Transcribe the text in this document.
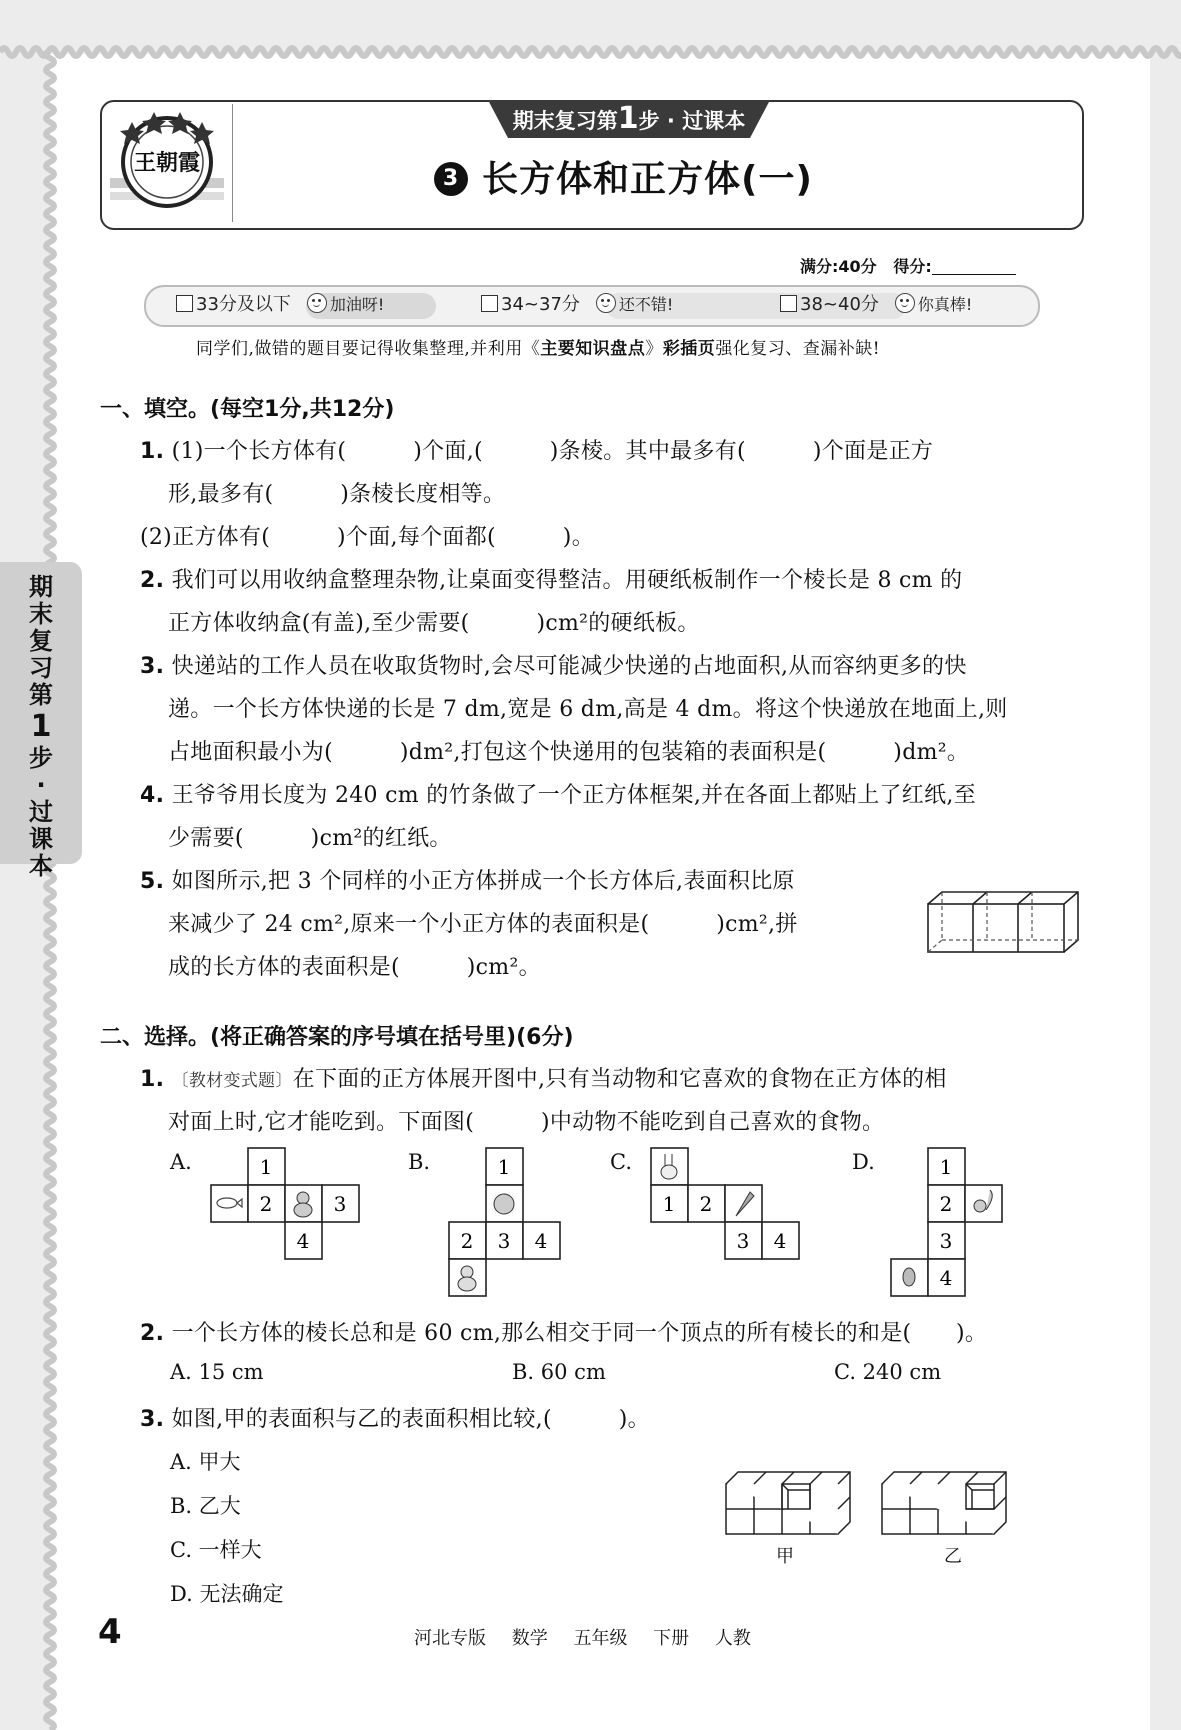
王朝霞
期末复习第1步 · 过课本
3 长方体和正方体(一)
满分:40分 得分:
33分及以下 加油呀!	34~37分 还不错!	38~40分 你真棒!
同学们,做错的题目要记得收集整理,并利用《主要知识盘点》彩插页强化复习、查漏补缺!
期
末
复
习
第
1
步
·
过
课
本
一、填空。(每空1分,共12分)
1. (1)一个长方体有(　　　)个面,(　　　)条棱。其中最多有(　　　)个面是正方
形,最多有(　　　)条棱长度相等。
(2)正方体有(　　　)个面,每个面都(　　　)。
2. 我们可以用收纳盒整理杂物,让桌面变得整洁。用硬纸板制作一个棱长是 8 cm 的
正方体收纳盒(有盖),至少需要(　　　)cm²的硬纸板。
3. 快递站的工作人员在收取货物时,会尽可能减少快递的占地面积,从而容纳更多的快
递。一个长方体快递的长是 7 dm,宽是 6 dm,高是 4 dm。将这个快递放在地面上,则
占地面积最小为(　　　)dm²,打包这个快递用的包装箱的表面积是(　　　)dm²。
4. 王爷爷用长度为 240 cm 的竹条做了一个正方体框架,并在各面上都贴上了红纸,至
少需要(　　　)cm²的红纸。
5. 如图所示,把 3 个同样的小正方体拼成一个长方体后,表面积比原
来减少了 24 cm²,原来一个小正方体的表面积是(　　　)cm²,拼
成的长方体的表面积是(　　　)cm²。
二、选择。(将正确答案的序号填在括号里)(6分)
1. 〔教材变式题〕在下面的正方体展开图中,只有当动物和它喜欢的食物在正方体的相
对面上时,它才能吃到。下面图(　　　)中动物不能吃到自己喜欢的食物。
A.	1
2	3
4
B.	1
2 3 4
C.
1 2
3 4
D.	1
2
3
4
2. 一个长方体的棱长总和是 60 cm,那么相交于同一个顶点的所有棱长的和是(　　)。
A. 15 cm	B. 60 cm	C. 240 cm
3. 如图,甲的表面积与乙的表面积相比较,(　　　)。
A. 甲大
B. 乙大
C. 一样大
D. 无法确定
甲	乙
4	河北专版 数学 五年级 下册 人教
